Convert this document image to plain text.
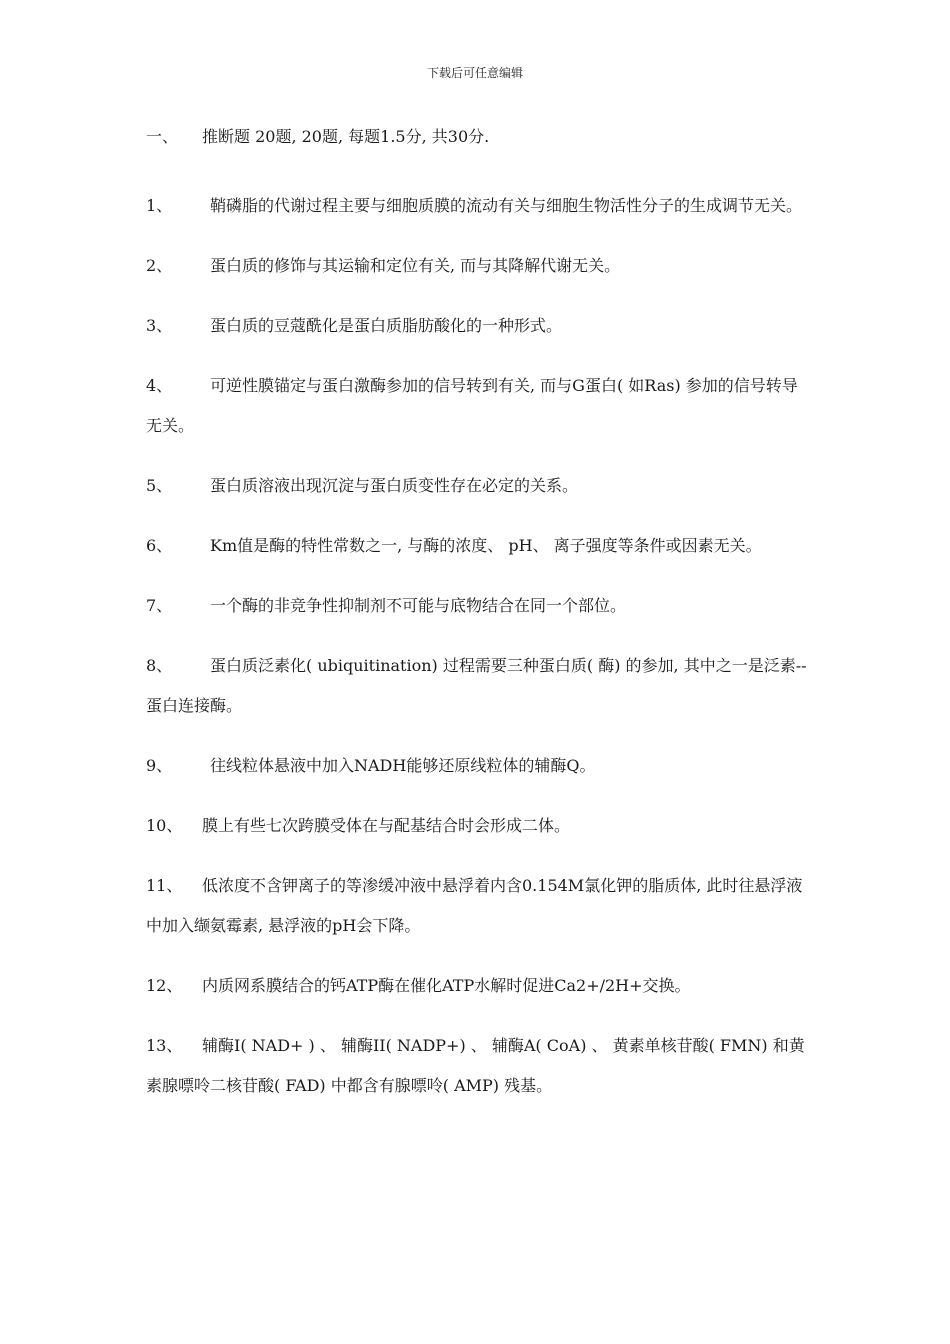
下载后可任意编辑
一、 推断题 20题, 20题, 每题1.5分, 共30分.
1、 鞘磷脂的代谢过程主要与细胞质膜的流动有关与细胞生物活性分子的生成调节无关。
2、 蛋白质的修饰与其运输和定位有关, 而与其降解代谢无关。
3、 蛋白质的豆蔻酰化是蛋白质脂肪酸化的一种形式。
4、 可逆性膜锚定与蛋白激酶参加的信号转到有关, 而与G蛋白( 如Ras) 参加的信号转导无关。
5、 蛋白质溶液出现沉淀与蛋白质变性存在必定的关系。
6、 Km值是酶的特性常数之一, 与酶的浓度、 pH、 离子强度等条件或因素无关。
7、 一个酶的非竞争性抑制剂不可能与底物结合在同一个部位。
8、 蛋白质泛素化( ubiquitination) 过程需要三种蛋白质( 酶) 的参加, 其中之一是泛素--蛋白连接酶。
9、 往线粒体悬液中加入NADH能够还原线粒体的辅酶Q。
10、 膜上有些七次跨膜受体在与配基结合时会形成二体。
11、 低浓度不含钾离子的等渗缓冲液中悬浮着内含0.154M氯化钾的脂质体, 此时往悬浮液中加入缬氨霉素, 悬浮液的pH会下降。
12、 内质网系膜结合的钙ATP酶在催化ATP水解时促进Ca2+/2H+交换。
13、 辅酶I( NAD+ ) 、 辅酶II( NADP+) 、 辅酶A( CoA) 、 黄素单核苷酸( FMN) 和黄素腺嘌呤二核苷酸( FAD) 中都含有腺嘌呤( AMP) 残基。
